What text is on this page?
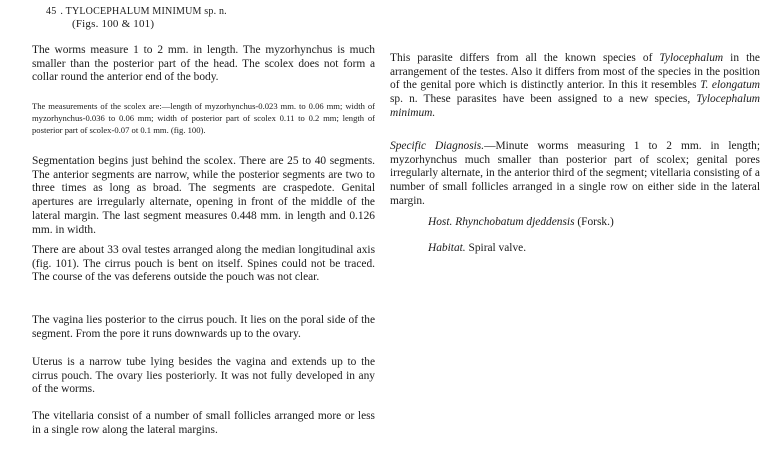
45 . TYLOCEPHALUM MINIMUM sp. n.
(Figs. 100 & 101)

The worms measure 1 to 2 mm. in length. The myzorhynchus is much smaller than the posterior part of the head. The scolex does not form a collar round the anterior end of the body.

The measurements of the scolex are:—length of myzorhynchus-0.023 mm. to 0.06 mm; width of myzorhynchus-0.036 to 0.06 mm; width of posterior part of scolex 0.11 to 0.2 mm; length of posterior part of scolex-0.07 ot 0.1 mm. (fig. 100).

Segmentation begins just behind the scolex. There are 25 to 40 segments. The anterior segments are narrow, while the posterior segments are two to three times as long as broad. The segments are craspedote. Genital apertures are irregularly alternate, opening in front of the middle of the lateral margin. The last segment measures 0.448 mm. in length and 0.126 mm. in width.

There are about 33 oval testes arranged along the median longitudinal axis (fig. 101). The cirrus pouch is bent on itself. Spines could not be traced. The course of the vas deferens outside the pouch was not clear.

The vagina lies posterior to the cirrus pouch. It lies on the poral side of the segment. From the pore it runs downwards up to the ovary.

Uterus is a narrow tube lying besides the vagina and extends up to the cirrus pouch. The ovary lies posteriorly. It was not fully developed in any of the worms.

The vitellaria consist of a number of small follicles arranged more or less in a single row along the lateral margins.

This parasite differs from all the known species of Tylocephalum in the arrangement of the testes. Also it differs from most of the species in the position of the genital pore which is distinctly anterior. In this it resembles T. elongatum sp. n. These parasites have been assigned to a new species, Tylocephalum minimum.

Specific Diagnosis.—Minute worms measuring 1 to 2 mm. in length; myzorhynchus much smaller than posterior part of scolex; genital pores irregularly alternate, in the anterior third of the segment; vitellaria consisting of a number of small follicles arranged in a single row on either side in the lateral margin.

Host. Rhynchobatum djeddensis (Forsk.)

Habitat. Spiral valve.
